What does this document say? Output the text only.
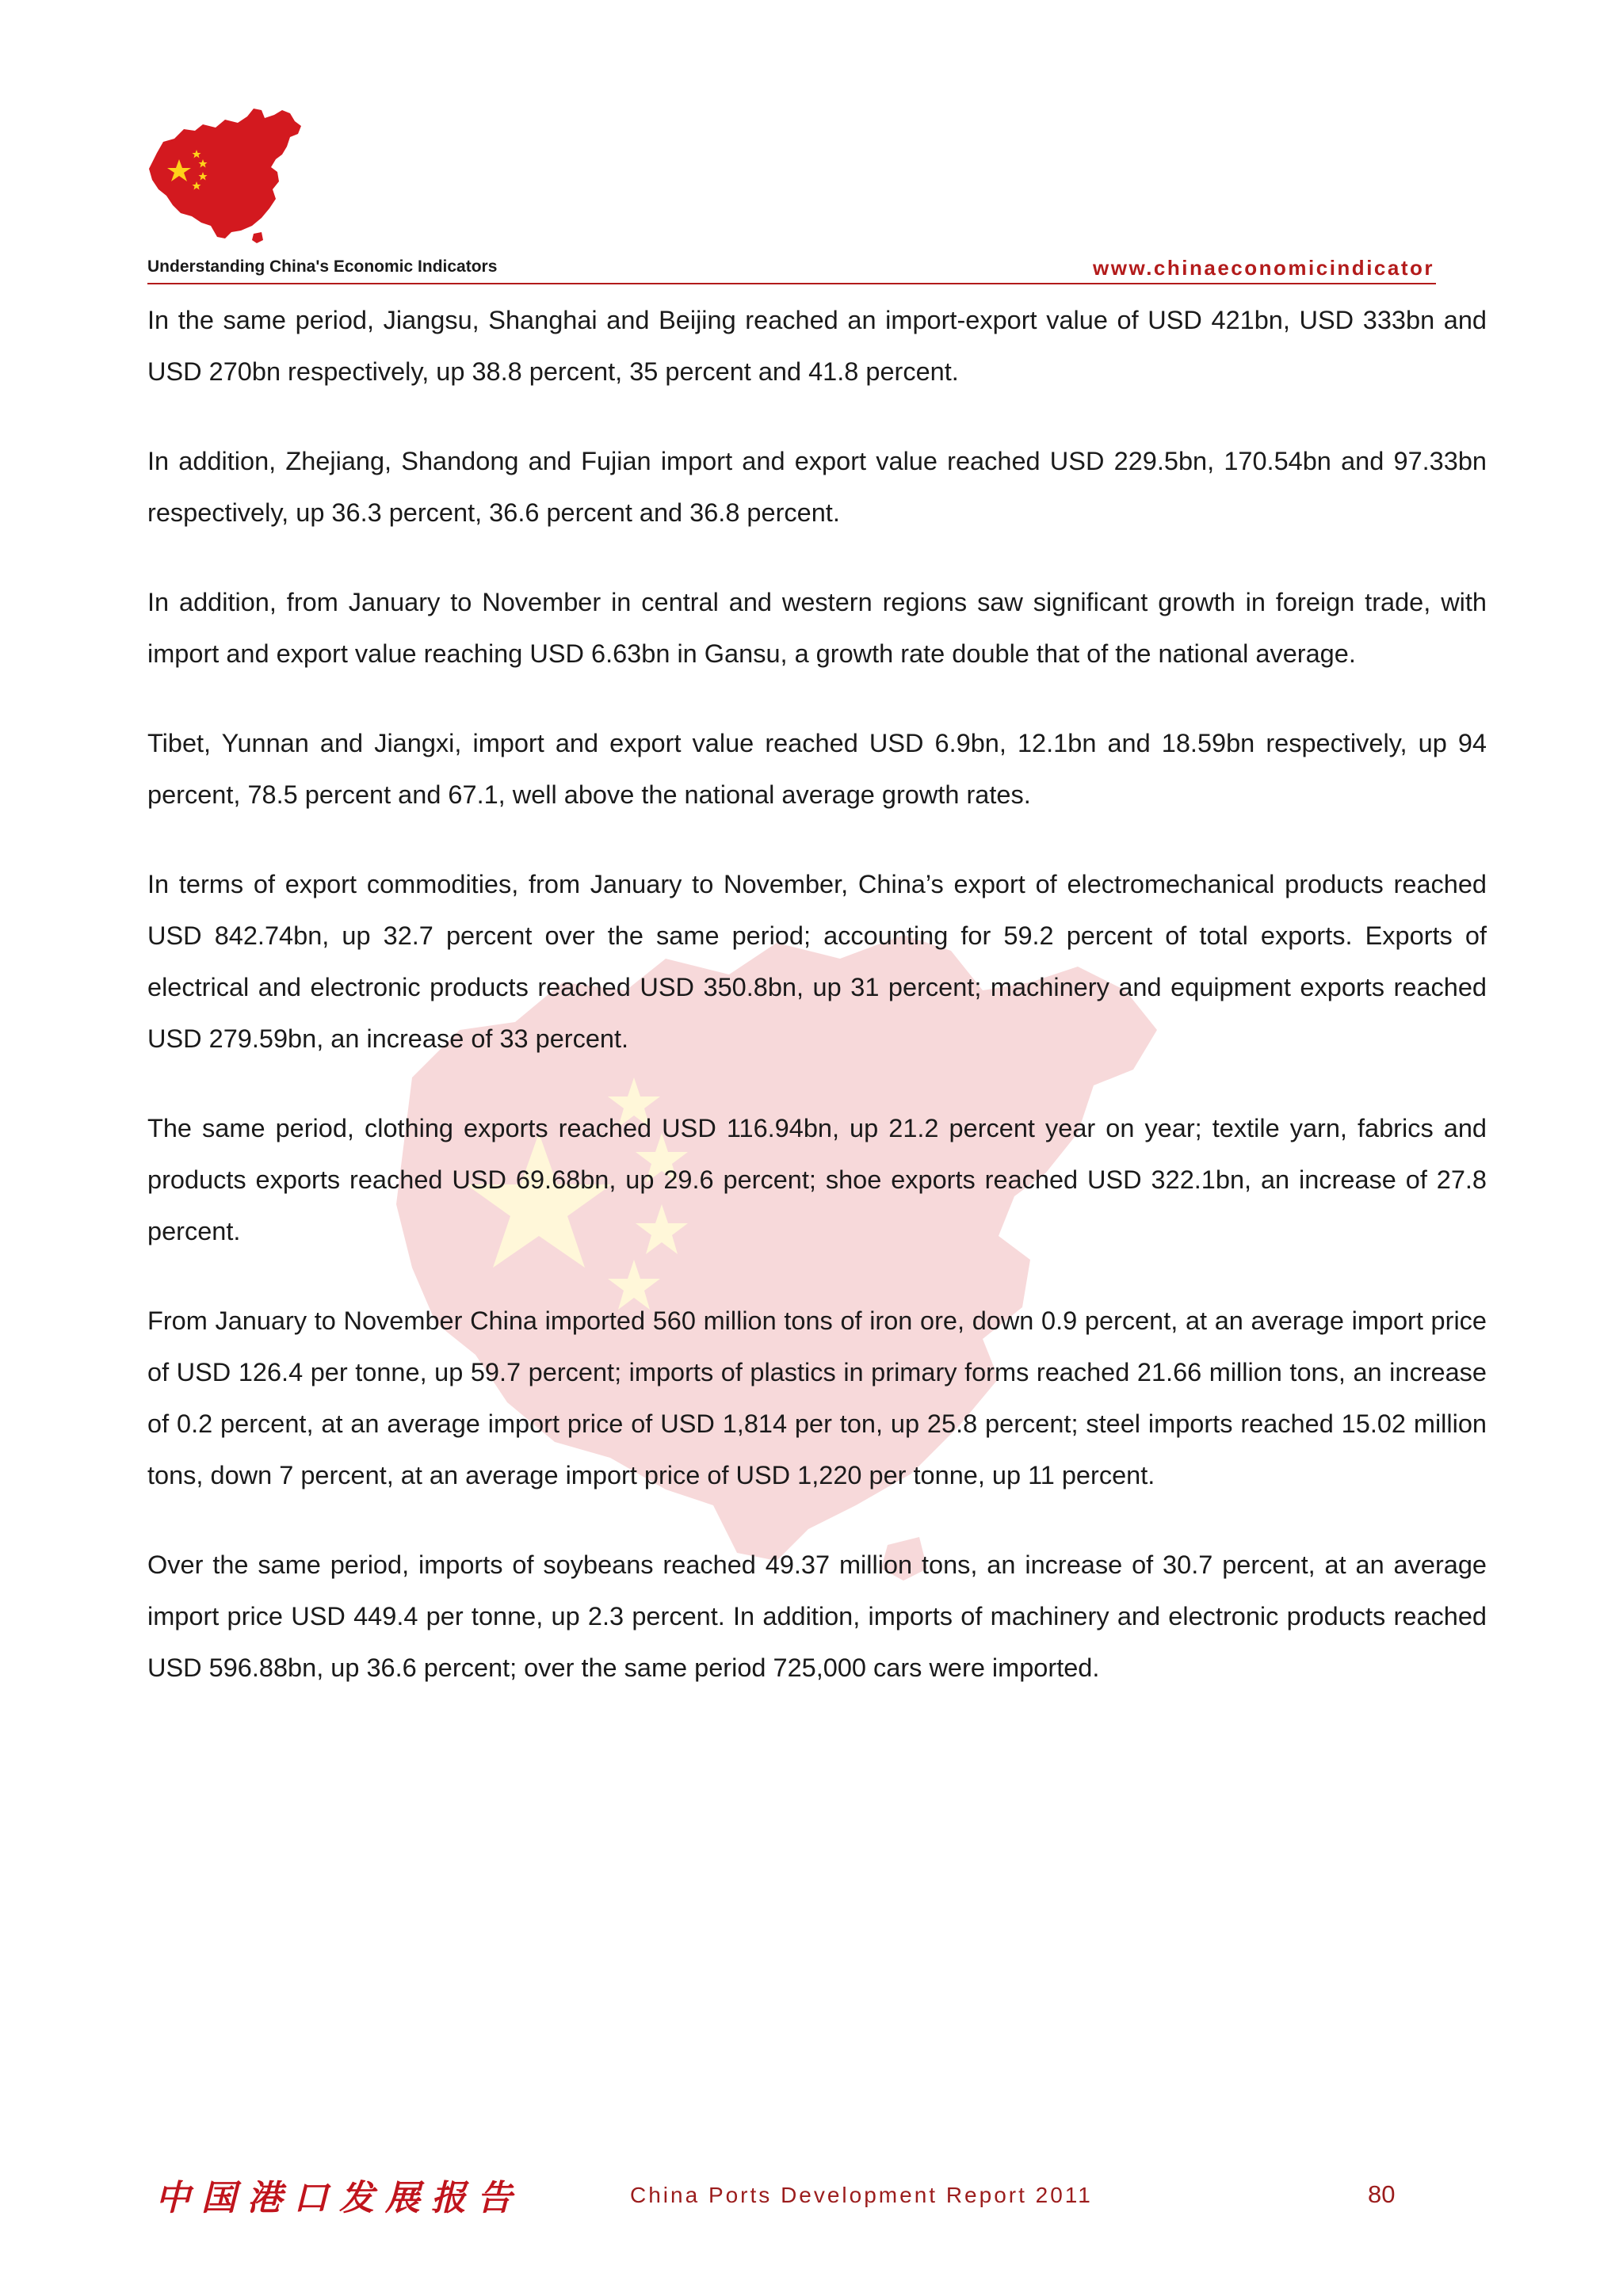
Understanding China's Economic Indicators	www.chinaeconomicindicator

In the same period, Jiangsu, Shanghai and Beijing reached an import-export value of USD 421bn, USD 333bn and USD 270bn respectively, up 38.8 percent, 35 percent and 41.8 percent.

In addition, Zhejiang, Shandong and Fujian import and export value reached USD 229.5bn, 170.54bn and 97.33bn respectively, up 36.3 percent, 36.6 percent and 36.8 percent.

In addition, from January to November in central and western regions saw significant growth in foreign trade, with import and export value reaching USD 6.63bn in Gansu, a growth rate double that of the national average.

Tibet, Yunnan and Jiangxi, import and export value reached USD 6.9bn, 12.1bn and 18.59bn respectively, up 94 percent, 78.5 percent and 67.1, well above the national average growth rates.

In terms of export commodities, from January to November, China’s export of electromechanical products reached USD 842.74bn, up 32.7 percent over the same period; accounting for 59.2 percent of total exports. Exports of electrical and electronic products reached USD 350.8bn, up 31 percent; machinery and equipment exports reached USD 279.59bn, an increase of 33 percent.

The same period, clothing exports reached USD 116.94bn, up 21.2 percent year on year; textile yarn, fabrics and products exports reached USD 69.68bn, up 29.6 percent; shoe exports reached USD 322.1bn, an increase of 27.8 percent.

From January to November China imported 560 million tons of iron ore, down 0.9 percent, at an average import price of USD 126.4 per tonne, up 59.7 percent; imports of plastics in primary forms reached 21.66 million tons, an increase of 0.2 percent, at an average import price of USD 1,814 per ton, up 25.8 percent; steel imports reached 15.02 million tons, down 7 percent, at an average import price of USD 1,220 per tonne, up 11 percent.

Over the same period, imports of soybeans reached 49.37 million tons, an increase of 30.7 percent, at an average import price USD 449.4 per tonne, up 2.3 percent. In addition, imports of machinery and electronic products reached USD 596.88bn, up 36.6 percent; over the same period 725,000 cars were imported.

中国港口发展报告	China Ports Development Report 2011	80
